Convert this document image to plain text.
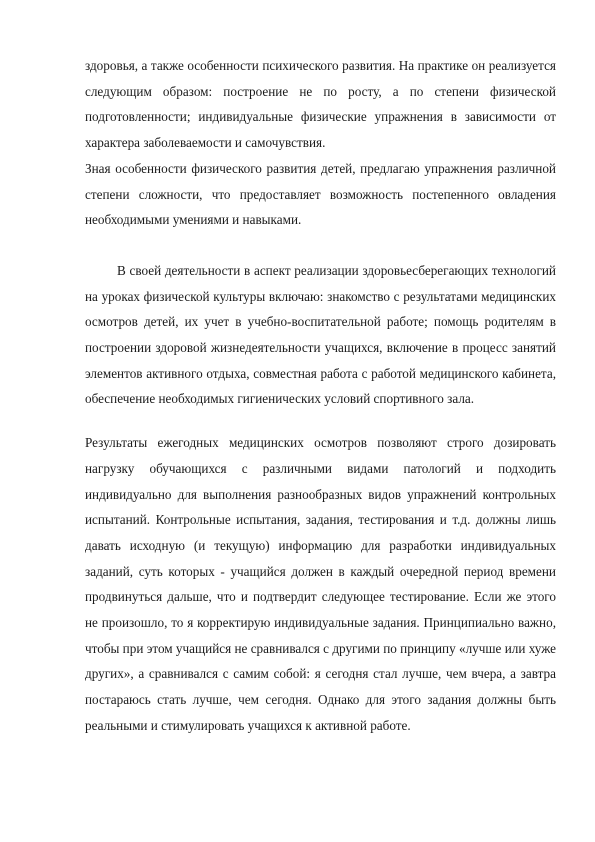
здоровья, а также особенности психического развития. На практике он реализуется следующим образом: построение не по росту, а по степени физической подготовленности; индивидуальные физические упражнения в зависимости от характера заболеваемости и самочувствия.

Зная особенности физического развития детей, предлагаю упражнения различной степени сложности, что предоставляет возможность постепенного овладения необходимыми умениями и навыками.

В своей деятельности в аспект реализации здоровьесберегающих технологий на уроках физической культуры включаю: знакомство с результатами медицинских осмотров детей, их учет в учебно-воспитательной работе; помощь родителям в построении здоровой жизнедеятельности учащихся, включение в процесс занятий элементов активного отдыха, совместная работа с работой медицинского кабинета, обеспечение необходимых гигиенических условий спортивного зала.

Результаты ежегодных медицинских осмотров позволяют строго дозировать нагрузку обучающихся с различными видами патологий и подходить индивидуально для выполнения разнообразных видов упражнений контрольных испытаний. Контрольные испытания, задания, тестирования и т.д. должны лишь давать исходную (и текущую) информацию для разработки индивидуальных заданий, суть которых - учащийся должен в каждый очередной период времени продвинуться дальше, что и подтвердит следующее тестирование. Если же этого не произошло, то я корректирую индивидуальные задания. Принципиально важно, чтобы при этом учащийся не сравнивался с другими по принципу «лучше или хуже других», а сравнивался с самим собой: я сегодня стал лучше, чем вчера, а завтра постараюсь стать лучше, чем сегодня. Однако для этого задания должны быть реальными и стимулировать учащихся к активной работе.
